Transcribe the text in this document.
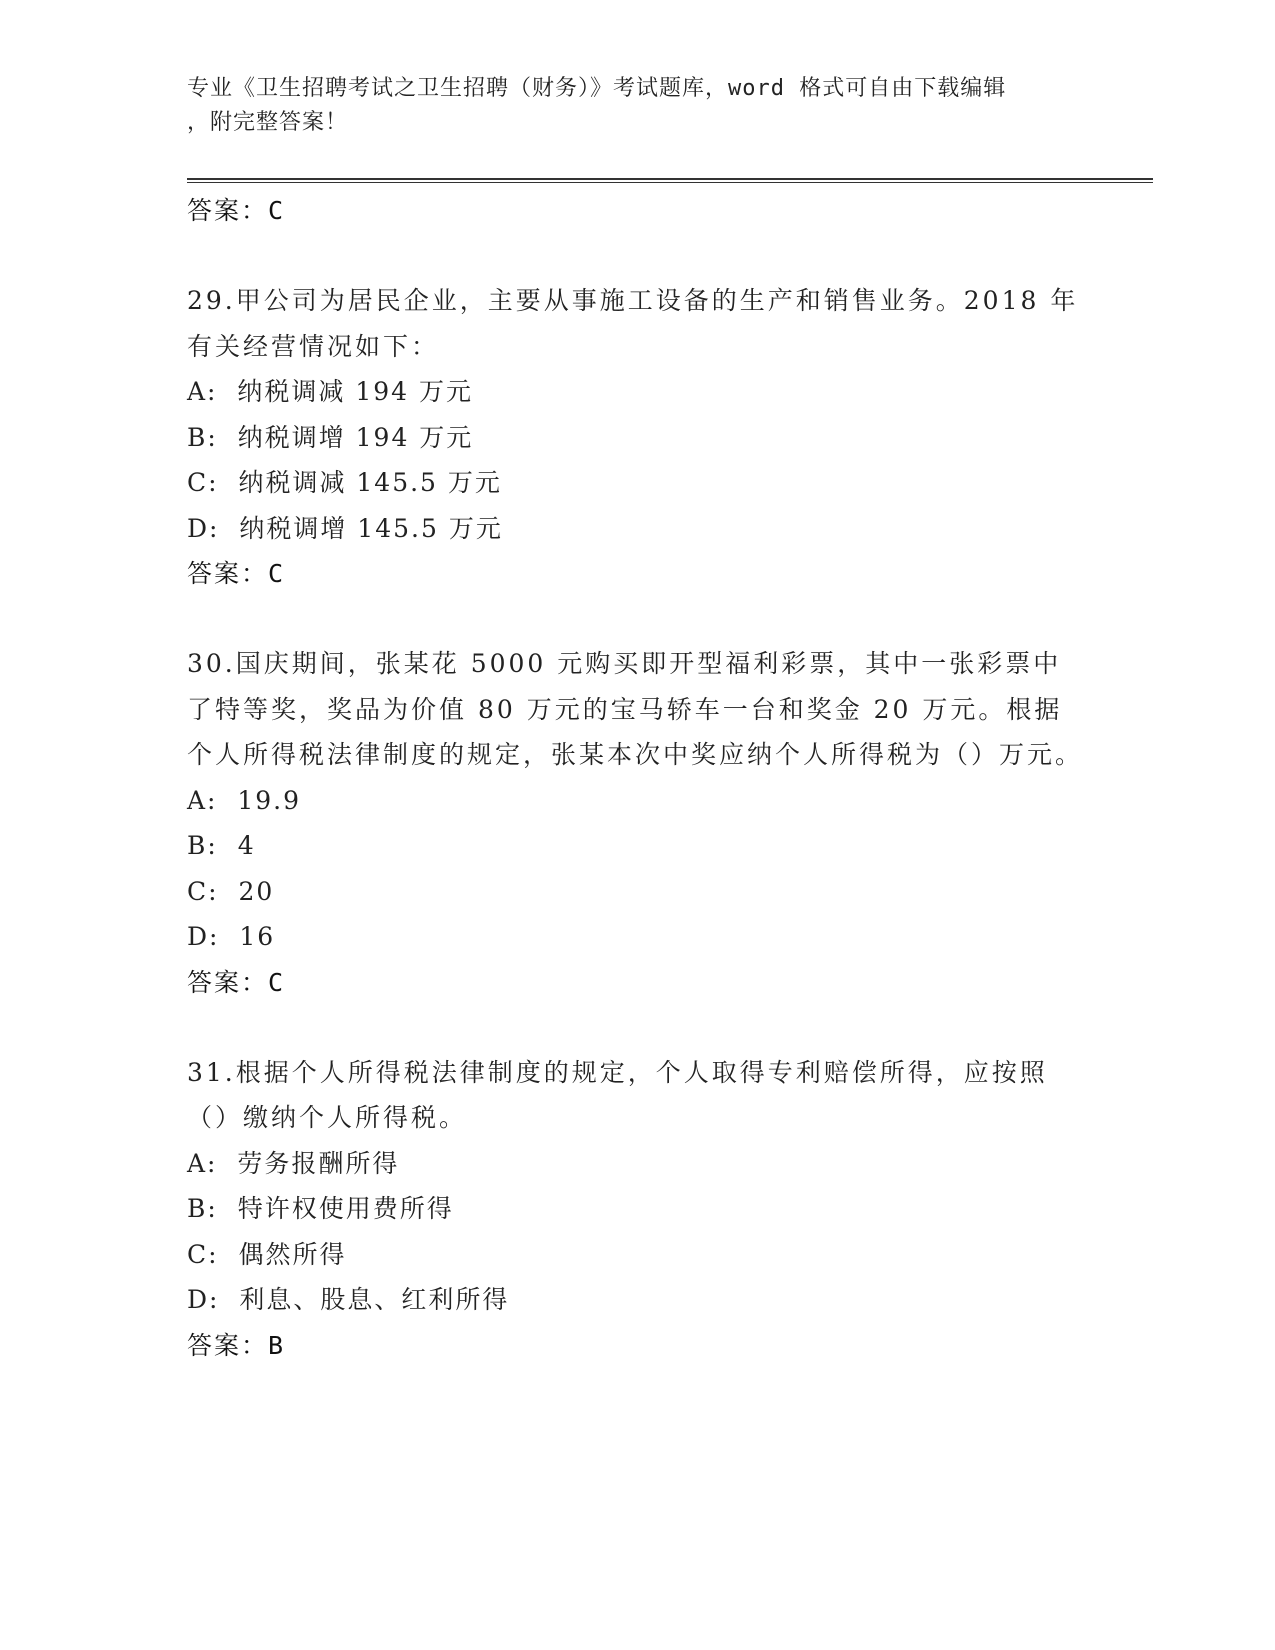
专业《卫生招聘考试之卫生招聘（财务）》考试题库，word 格式可自由下载编辑
，附完整答案！
答案：C
29.甲公司为居民企业，主要从事施工设备的生产和销售业务。2018 年有关经营情况如下：
A:  纳税调减 194 万元
B:  纳税调增 194 万元
C:  纳税调减 145.5 万元
D:  纳税调增 145.5 万元
答案：C
30.国庆期间，张某花 5000 元购买即开型福利彩票，其中一张彩票中了特等奖，奖品为价值 80 万元的宝马轿车一台和奖金 20 万元。根据个人所得税法律制度的规定，张某本次中奖应纳个人所得税为（）万元。
A:  19.9
B:  4
C:  20
D:  16
答案：C
31.根据个人所得税法律制度的规定，个人取得专利赔偿所得，应按照（）缴纳个人所得税。
A:  劳务报酬所得
B:  特许权使用费所得
C:  偶然所得
D:  利息、股息、红利所得
答案：B
